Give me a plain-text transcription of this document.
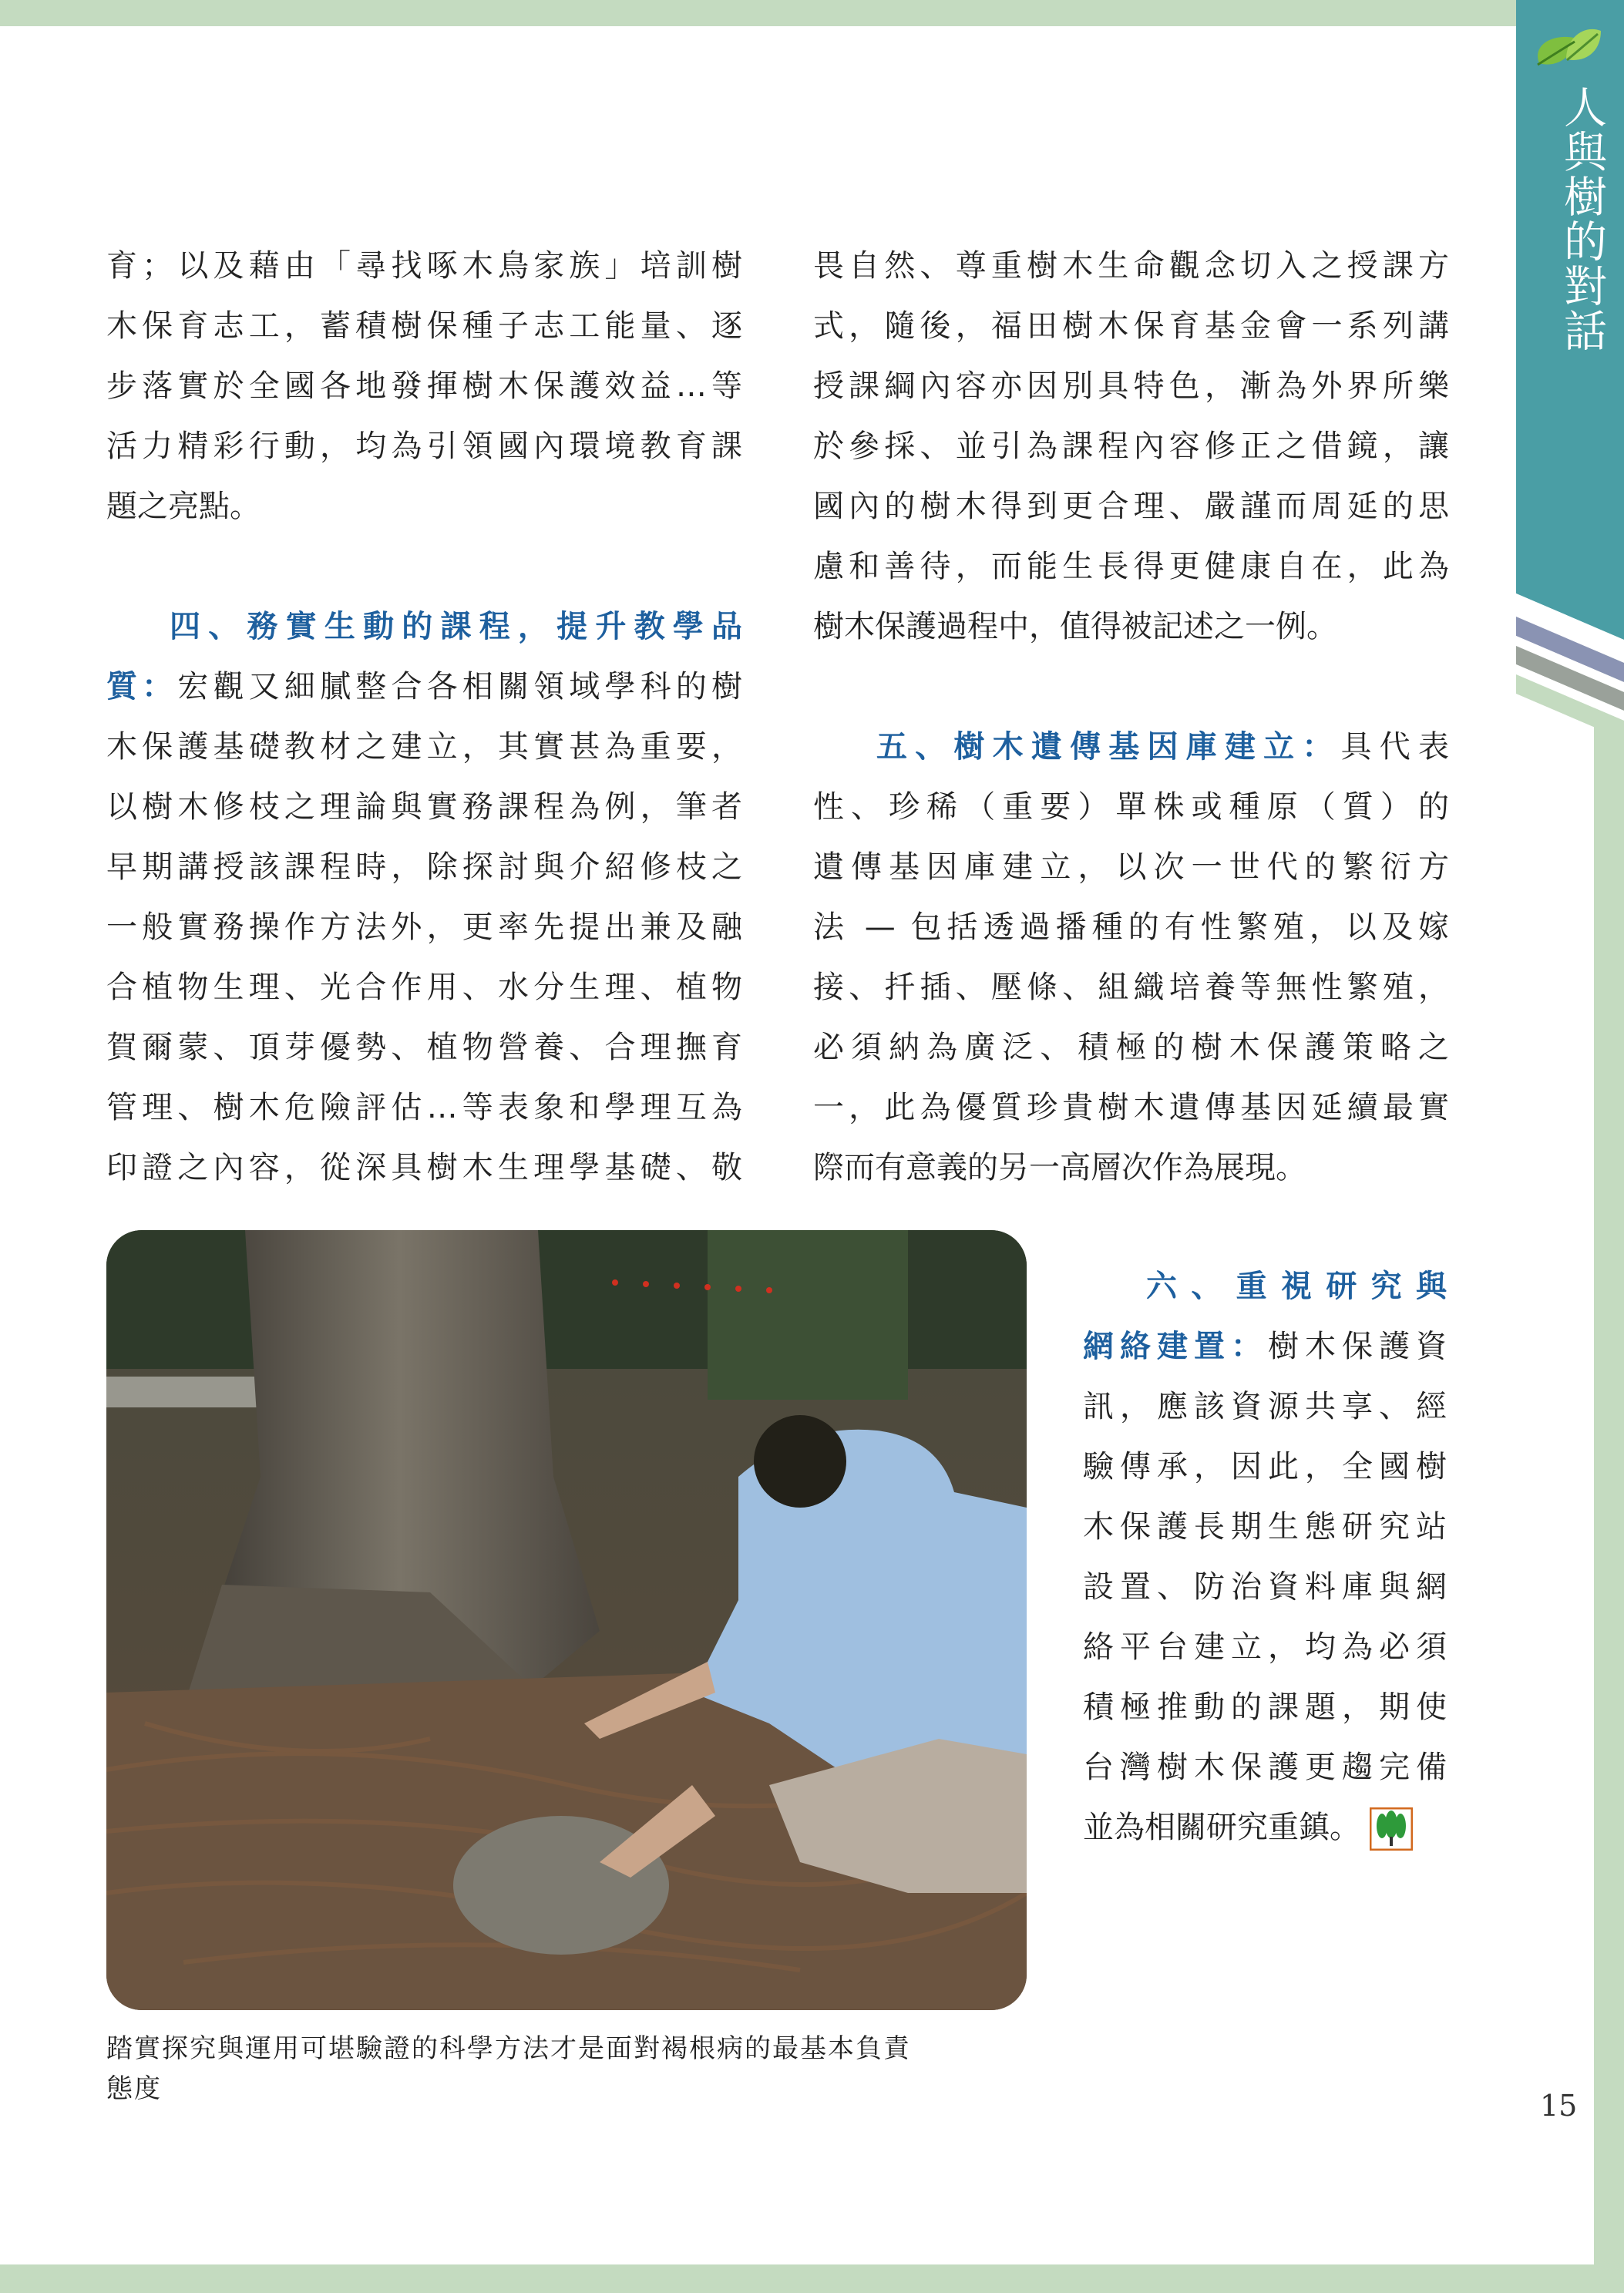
人與樹的對話

育；以及藉由「尋找啄木鳥家族」培訓樹

木保育志工，蓄積樹保種子志工能量、逐

步落實於全國各地發揮樹木保護效益…等

活力精彩行動，均為引領國內環境教育課

題之亮點。

四、務實生動的課程，提升教學品

質：宏觀又細膩整合各相關領域學科的樹

木保護基礎教材之建立，其實甚為重要，

以樹木修枝之理論與實務課程為例，筆者

早期講授該課程時，除探討與介紹修枝之

一般實務操作方法外，更率先提出兼及融

合植物生理、光合作用、水分生理、植物

賀爾蒙、頂芽優勢、植物營養、合理撫育

管理、樹木危險評估…等表象和學理互為

印證之內容，從深具樹木生理學基礎、敬

畏自然、尊重樹木生命觀念切入之授課方

式，隨後，福田樹木保育基金會一系列講

授課綱內容亦因別具特色，漸為外界所樂

於參採、並引為課程內容修正之借鏡，讓

國內的樹木得到更合理、嚴謹而周延的思

慮和善待，而能生長得更健康自在，此為

樹木保護過程中，值得被記述之一例。

五、樹木遺傳基因庫建立：具代表

性、珍稀（重要）單株或種原（質）的

遺傳基因庫建立，以次一世代的繁衍方

法 — 包括透過播種的有性繁殖，以及嫁

接、扦插、壓條、組織培養等無性繁殖，

必須納為廣泛、積極的樹木保護策略之

一，此為優質珍貴樹木遺傳基因延續最實

際而有意義的另一高層次作為展現。

踏實探究與運用可堪驗證的科學方法才是面對褐根病的最基本負責
態度

六、重視研究與

網絡建置：樹木保護資

訊，應該資源共享、經

驗傳承，因此，全國樹

木保護長期生態研究站

設置、防治資料庫與網

絡平台建立，均為必須

積極推動的課題，期使

台灣樹木保護更趨完備

並為相關研究重鎮。

15
